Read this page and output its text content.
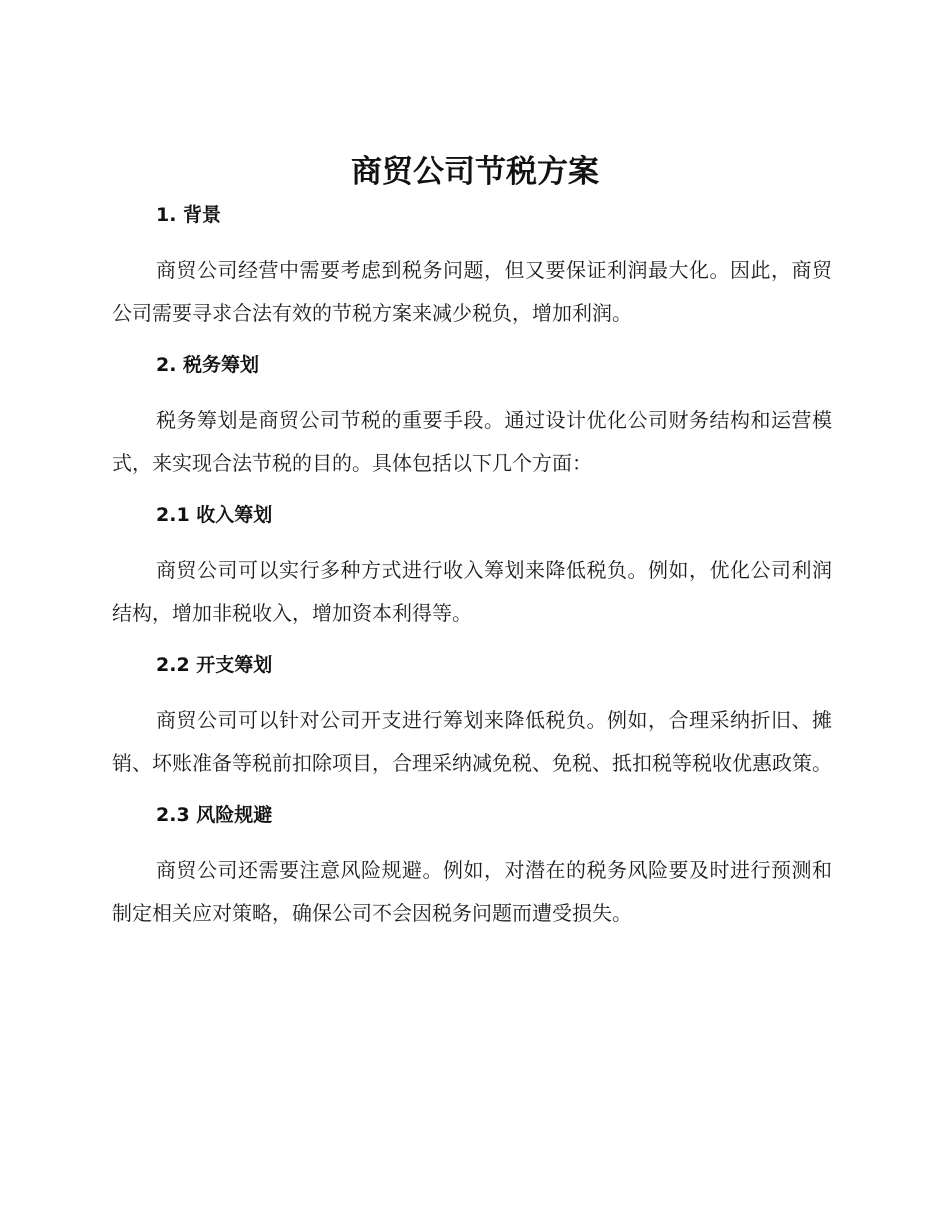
商贸公司节税方案
1. 背景

商贸公司经营中需要考虑到税务问题，但又要保证利润最大化。因此，商贸公司需要寻求合法有效的节税方案来减少税负，增加利润。

2. 税务筹划

税务筹划是商贸公司节税的重要手段。通过设计优化公司财务结构和运营模式，来实现合法节税的目的。具体包括以下几个方面：

2.1 收入筹划

商贸公司可以实行多种方式进行收入筹划来降低税负。例如，优化公司利润结构，增加非税收入，增加资本利得等。

2.2 开支筹划

商贸公司可以针对公司开支进行筹划来降低税负。例如，合理采纳折旧、摊销、坏账准备等税前扣除项目，合理采纳减免税、免税、抵扣税等税收优惠政策。

2.3 风险规避

商贸公司还需要注意风险规避。例如，对潜在的税务风险要及时进行预测和制定相关应对策略，确保公司不会因税务问题而遭受损失。
